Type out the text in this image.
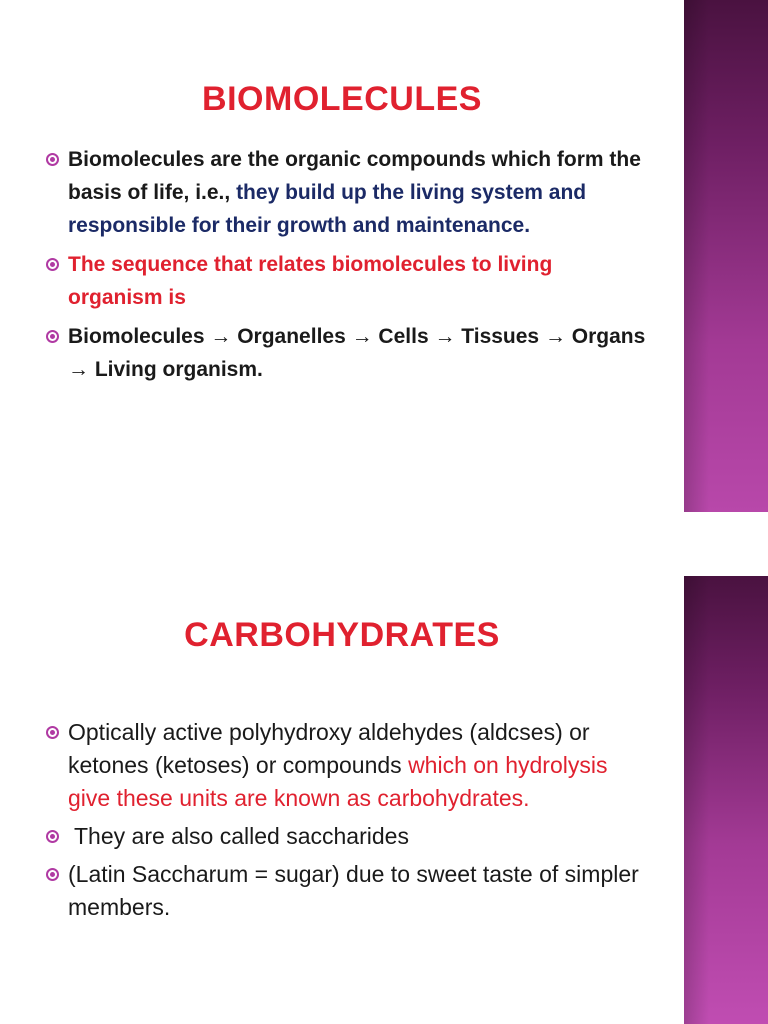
BIOMOLECULES
Biomolecules are the organic compounds which form the basis of life, i.e., they build up the living system and responsible for their growth and maintenance.
The sequence that relates biomolecules to living organism is
Biomolecules → Organelles → Cells → Tissues → Organs → Living organism.
CARBOHYDRATES
Optically active polyhydroxy aldehydes (aldcses) or ketones (ketoses) or compounds which on hydrolysis give these units are known as carbohydrates.
They are also called saccharides
(Latin Saccharum = sugar) due to sweet taste of simpler members.
